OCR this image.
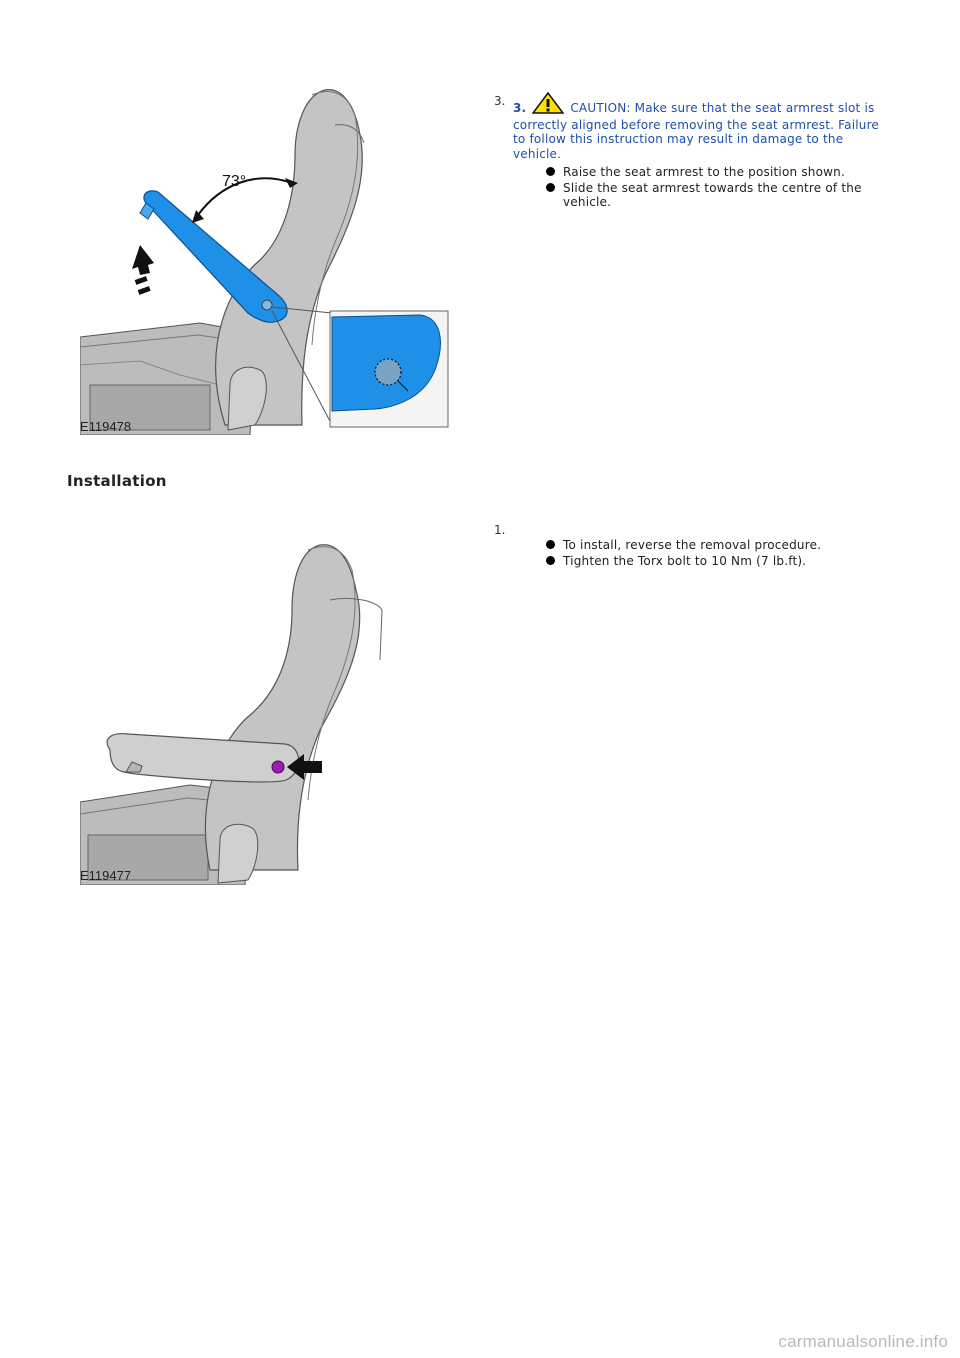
73°
E119478
3. 3.	CAUTION: Make sure that the seat armrest slot is correctly aligned before removing the seat armrest. Failure to follow this instruction may result in damage to the vehicle.
Raise the seat armrest to the position shown.
Slide the seat armrest towards the centre of the vehicle.
Installation
E119477
1.
To install, reverse the removal procedure.
Tighten the Torx bolt to 10 Nm (7 lb.ft).
carmanualsonline.info
